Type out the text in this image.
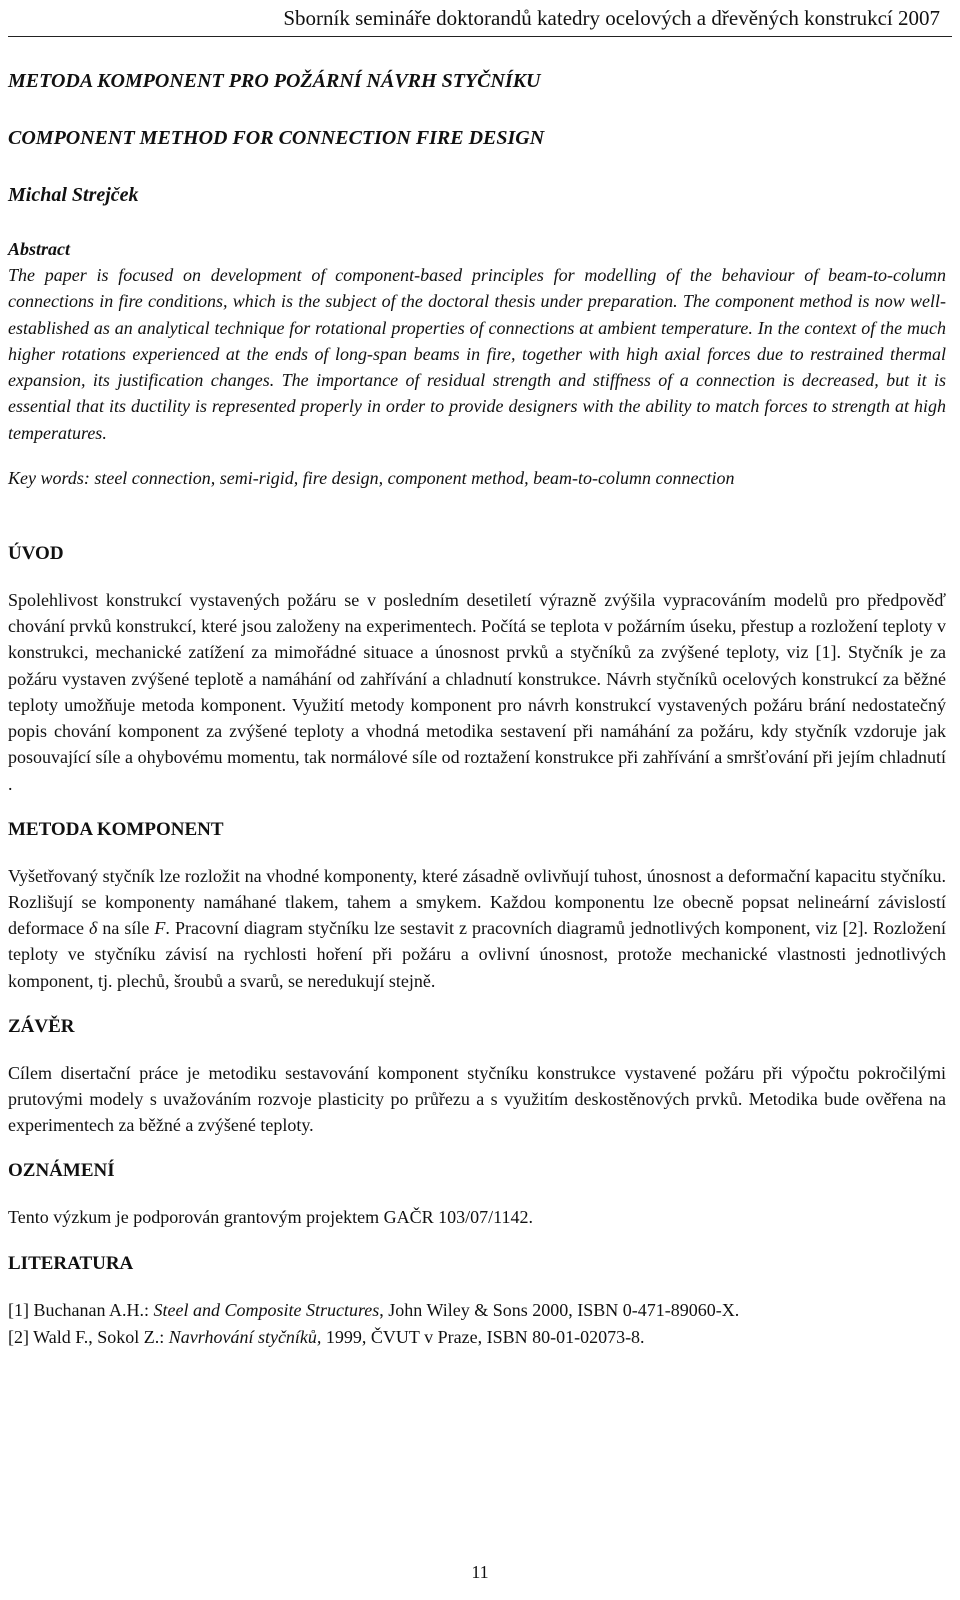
Sborník semináře doktorandů katedry ocelových a dřevěných konstrukcí 2007
METODA KOMPONENT PRO POŽÁRNÍ NÁVRH STYČNÍKU
COMPONENT METHOD FOR CONNECTION FIRE DESIGN
Michal Strejček
Abstract

The paper is focused on development of component-based principles for modelling of the behaviour of beam-to-column connections in fire conditions, which is the subject of the doctoral thesis under preparation. The component method is now well-established as an analytical technique for rotational properties of connections at ambient temperature. In the context of the much higher rotations experienced at the ends of long-span beams in fire, together with high axial forces due to restrained thermal expansion, its justification changes. The importance of residual strength and stiffness of a connection is decreased, but it is essential that its ductility is represented properly in order to provide designers with the ability to match forces to strength at high temperatures.

Key words: steel connection, semi-rigid, fire design, component method, beam-to-column connection
ÚVOD

Spolehlivost konstrukcí vystavených požáru se v posledním desetiletí výrazně zvýšila vypracováním modelů pro předpověď chování prvků konstrukcí, které jsou založeny na experimentech. Počítá se teplota v požárním úseku, přestup a rozložení teploty v konstrukci, mechanické zatížení za mimořádné situace a únosnost prvků a styčníků za zvýšené teploty, viz [1]. Styčník je za požáru vystaven zvýšené teplotě a namáhání od zahřívání a chladnutí konstrukce. Návrh styčníků ocelových konstrukcí za běžné teploty umožňuje metoda komponent. Využití metody komponent pro návrh konstrukcí vystavených požáru brání nedostatečný popis chování komponent za zvýšené teploty a vhodná metodika sestavení při namáhání za požáru, kdy styčník vzdoruje jak posouvající síle a ohybovému momentu, tak normálové síle od roztažení konstrukce při zahřívání a smršťování při jejím chladnutí .

METODA KOMPONENT

Vyšetřovaný styčník lze rozložit na vhodné komponenty, které zásadně ovlivňují tuhost, únosnost a deformační kapacitu styčníku. Rozlišují se komponenty namáhané tlakem, tahem a smykem. Každou komponentu lze obecně popsat nelineární závislostí deformace δ na síle F. Pracovní diagram styčníku lze sestavit z pracovních diagramů jednotlivých komponent, viz [2]. Rozložení teploty ve styčníku závisí na rychlosti hoření při požáru a ovlivní únosnost, protože mechanické vlastnosti jednotlivých komponent, tj. plechů, šroubů a svarů, se neredukují stejně.

ZÁVĚR

Cílem disertační práce je metodiku sestavování komponent styčníku konstrukce vystavené požáru při výpočtu pokročilými prutovými modely s uvažováním rozvoje plasticity po průřezu a s využitím deskostěnových prvků. Metodika bude ověřena na experimentech za běžné a zvýšené teploty.

OZNÁMENÍ

Tento výzkum je podporován grantovým projektem GAČR 103/07/1142.

LITERATURA

[1] Buchanan A.H.: Steel and Composite Structures, John Wiley & Sons 2000, ISBN 0-471-89060-X.

[2] Wald F., Sokol Z.: Navrhování styčníků, 1999, ČVUT v Praze, ISBN 80-01-02073-8.

11
